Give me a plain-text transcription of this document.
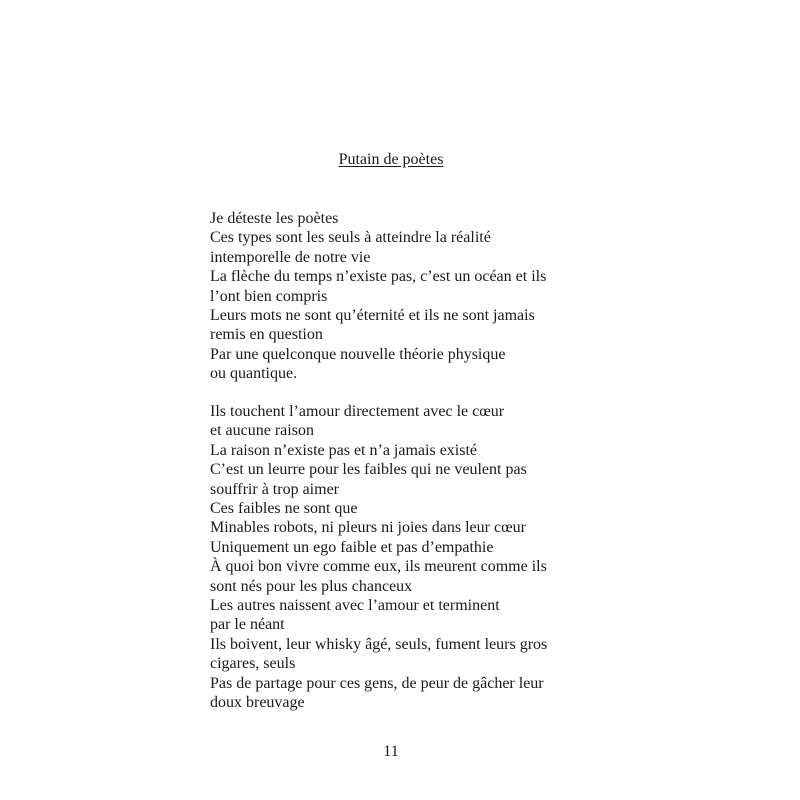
Putain de poètes
Je déteste les poètes
Ces types sont les seuls à atteindre la réalité
intemporelle de notre vie
La flèche du temps n’existe pas, c’est un océan et ils
l’ont bien compris
Leurs mots ne sont qu’éternité et ils ne sont jamais
remis en question
Par une quelconque nouvelle théorie physique
ou quantique.
Ils touchent l’amour directement avec le cœur
et aucune raison
La raison n’existe pas et n’a jamais existé
C’est un leurre pour les faibles qui ne veulent pas
souffrir à trop aimer
Ces faibles ne sont que
Minables robots, ni pleurs ni joies dans leur cœur
Uniquement un ego faible et pas d’empathie
À quoi bon vivre comme eux, ils meurent comme ils
sont nés pour les plus chanceux
Les autres naissent avec l’amour et terminent
par le néant
Ils boivent, leur whisky âgé, seuls, fument leurs gros
cigares, seuls
Pas de partage pour ces gens, de peur de gâcher leur
doux breuvage
11
